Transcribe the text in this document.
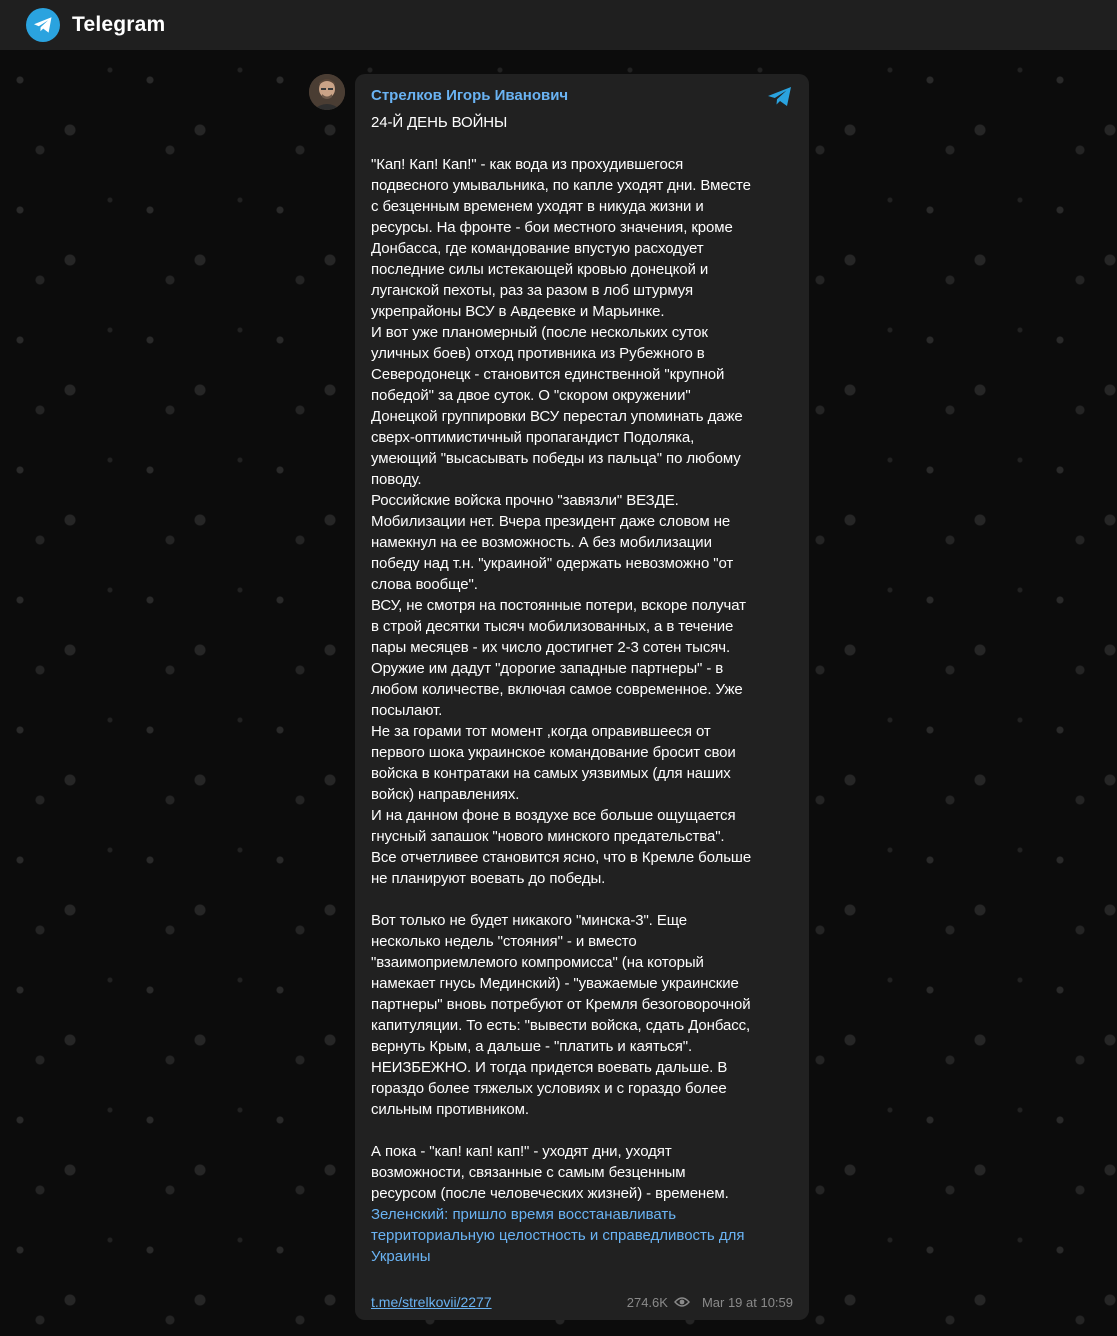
Telegram
Стрелков Игорь Иванович
24-Й ДЕНЬ ВОЙНЫ

"Кап! Кап! Кап!" - как вода из прохудившегося
подвесного умывальника, по капле уходят дни. Вместе
с безценным временем уходят в никуда жизни и
ресурсы. На фронте - бои местного значения, кроме
Донбасса, где командование впустую расходует
последние силы истекающей кровью донецкой и
луганской пехоты, раз за разом в лоб штурмуя
укрепрайоны ВСУ в Авдеевке и Марьинке.
И вот уже планомерный (после нескольких суток
уличных боев) отход противника из Рубежного в
Северодонецк - становится единственной "крупной
победой" за двое суток. О "скором окружении"
Донецкой группировки ВСУ перестал упоминать даже
сверх-оптимистичный пропагандист Подоляка,
умеющий "высасывать победы из пальца" по любому
поводу.
Российские войска прочно "завязли" ВЕЗДЕ.
Мобилизации нет. Вчера президент даже словом не
намекнул на ее возможность. А без мобилизации
победу над т.н. "украиной" одержать невозможно "от
слова вообще".
ВСУ, не смотря на постоянные потери, вскоре получат
в строй десятки тысяч мобилизованных, а в течение
пары месяцев - их число достигнет 2-3 сотен тысяч.
Оружие им дадут "дорогие западные партнеры" - в
любом количестве, включая самое современное. Уже
посылают.
Не за горами тот момент ,когда оправившееся от
первого шока украинское командование бросит свои
войска в контратаки на самых уязвимых (для наших
войск) направлениях.
И на данном фоне в воздухе все больше ощущается
гнусный запашок "нового минского предательства".
Все отчетливее становится ясно, что в Кремле больше
не планируют воевать до победы.

Вот только не будет никакого "минска-3". Еще
несколько недель "стояния" - и вместо
"взаимоприемлемого компромисса" (на который
намекает гнусь Мединский) - "уважаемые украинские
партнеры" вновь потребуют от Кремля безоговорочной
капитуляции. То есть: "вывести войска, сдать Донбасс,
вернуть Крым, а дальше - "платить и каяться".
НЕИЗБЕЖНО. И тогда придется воевать дальше. В
гораздо более тяжелых условиях и с гораздо более
сильным противником.

А пока - "кап! кап! кап!" - уходят дни, уходят
возможности, связанные с самым безценным
ресурсом (после человеческих жизней) - временем.

Зеленский: пришло время восстанавливать
территориальную целостность и справедливость для
Украины
t.me/strelkovii/2277	274.6K	Mar 19 at 10:59
